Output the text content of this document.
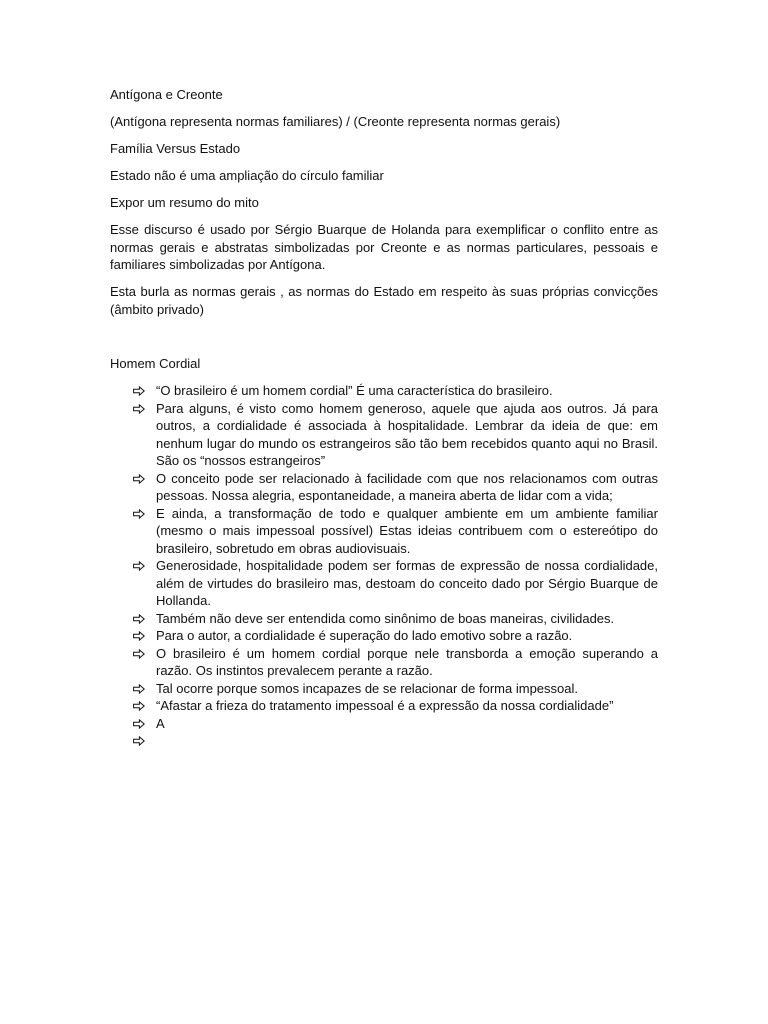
Antígona e Creonte

(Antígona representa normas familiares) / (Creonte representa normas gerais)

Família Versus Estado

Estado não é uma ampliação do círculo familiar

Expor um resumo do mito

Esse discurso é usado por Sérgio Buarque de Holanda para exemplificar o conflito entre as normas gerais e abstratas simbolizadas por Creonte e as normas particulares, pessoais e familiares simbolizadas por Antígona.

Esta burla as normas gerais , as normas do Estado em respeito às suas próprias convicções (âmbito privado)

Homem Cordial

“O brasileiro é um homem cordial” É uma característica do brasileiro.
Para alguns, é visto como homem generoso, aquele que ajuda aos outros. Já para outros, a cordialidade é associada à hospitalidade. Lembrar da ideia de que: em nenhum lugar do mundo os estrangeiros são tão bem recebidos quanto aqui no Brasil. São os “nossos estrangeiros”
O conceito pode ser relacionado à facilidade com que nos relacionamos com outras pessoas. Nossa alegria, espontaneidade, a maneira aberta de lidar com a vida;
E ainda, a transformação de todo e qualquer ambiente em um ambiente familiar (mesmo o mais impessoal possível) Estas ideias contribuem com o estereótipo do brasileiro, sobretudo em obras audiovisuais.
Generosidade, hospitalidade podem ser formas de expressão de nossa cordialidade, além de virtudes do brasileiro mas, destoam do conceito dado por Sérgio Buarque de Hollanda.
Também não deve ser entendida como sinônimo de boas maneiras, civilidades.
Para o autor, a cordialidade é superação do lado emotivo sobre a razão.
O brasileiro é um homem cordial porque nele transborda a emoção superando a razão. Os instintos prevalecem perante a razão.
Tal ocorre porque somos incapazes de se relacionar de forma impessoal.
“Afastar a frieza do tratamento impessoal é a expressão da nossa cordialidade”
A
